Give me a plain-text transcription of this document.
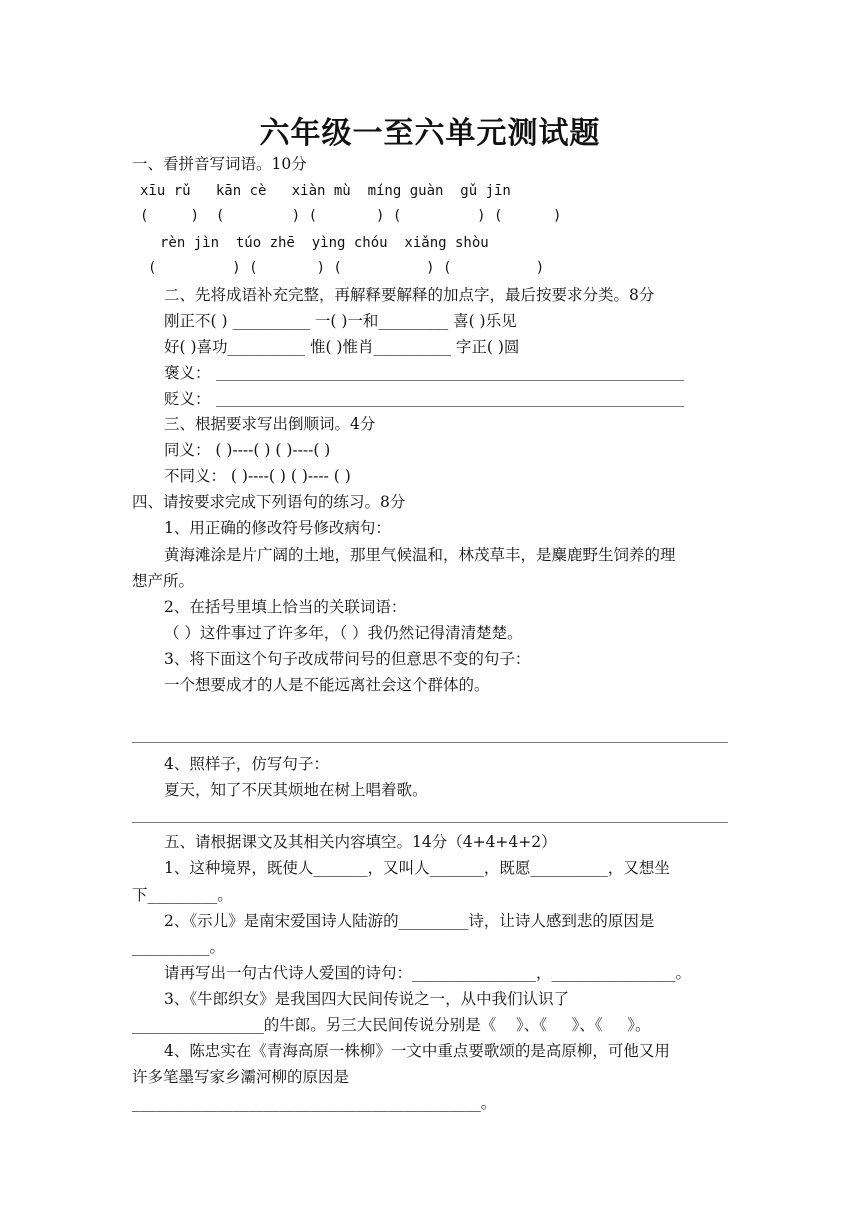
六年级一至六单元测试题
一、看拼音写词语。10分
xīu rǔ   kān cè   xiàn mù  míng guàn  gǔ jīn
(     )  (        ) (       ) (         ) (      )
rèn jìn  túo zhē  yìng chóu  xiǎng shòu
(         ) (       ) (          ) (          )
二、先将成语补充完整，再解释要解释的加点字，最后按要求分类。8分
刚正不( ) __________ 一( )一和_________ 喜( )乐见
好( )喜功__________ 惟( )惟肖__________ 字正( )圆
褒义：
贬义：
三、根据要求写出倒顺词。4分
同义： ( )----( ) ( )----( )
不同义： ( )----( ) ( )---- ( )
四、请按要求完成下列语句的练习。8分
1、用正确的修改符号修改病句：
黄海滩涂是片广阔的土地，那里气候温和，林茂草丰，是麋鹿野生饲养的理
想产所。
2、在括号里填上恰当的关联词语：
（ ）这件事过了许多年，（ ）我仍然记得清清楚楚。
3、将下面这个句子改成带问号的但意思不变的句子：
一个想要成才的人是不能远离社会这个群体的。
4、照样子，仿写句子：
夏天，知了不厌其烦地在树上唱着歌。
五、请根据课文及其相关内容填空。14分（4+4+4+2）
1、这种境界，既使人_______，又叫人_______，既愿__________，又想坐
下_________。
2、《示儿》是南宋爱国诗人陆游的_________诗，让诗人感到悲的原因是
__________。
请再写出一句古代诗人爱国的诗句：________________，________________。
3、《牛郎织女》是我国四大民间传说之一，从中我们认识了
_________________的牛郎。另三大民间传说分别是《    》、《     》、《     》。
4、陈忠实在《青海高原一株柳》一文中重点要歌颂的是高原柳，可他又用
许多笔墨写家乡灞河柳的原因是
_____________________________________________。
